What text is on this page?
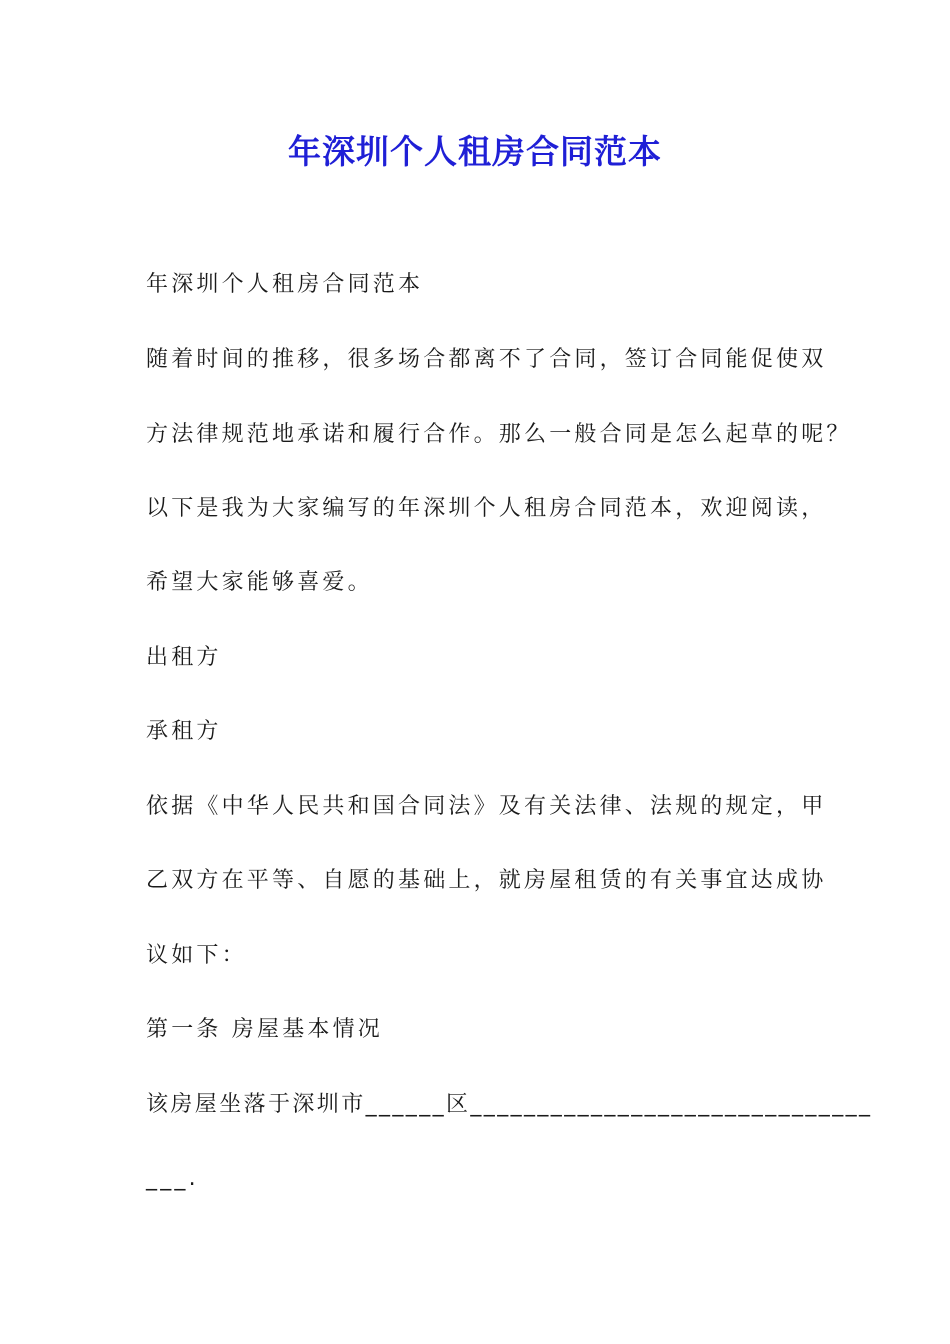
年深圳个人租房合同范本
年深圳个人租房合同范本
随着时间的推移，很多场合都离不了合同，签订合同能促使双
方法律规范地承诺和履行合作。那么一般合同是怎么起草的呢？
以下是我为大家编写的年深圳个人租房合同范本，欢迎阅读，
希望大家能够喜爱。
出租方
承租方
依据《中华人民共和国合同法》及有关法律、法规的规定，甲
乙双方在平等、自愿的基础上，就房屋租赁的有关事宜达成协
议如下：
第一条 房屋基本情况
该房屋坐落于深圳市______区______________________________
___.
